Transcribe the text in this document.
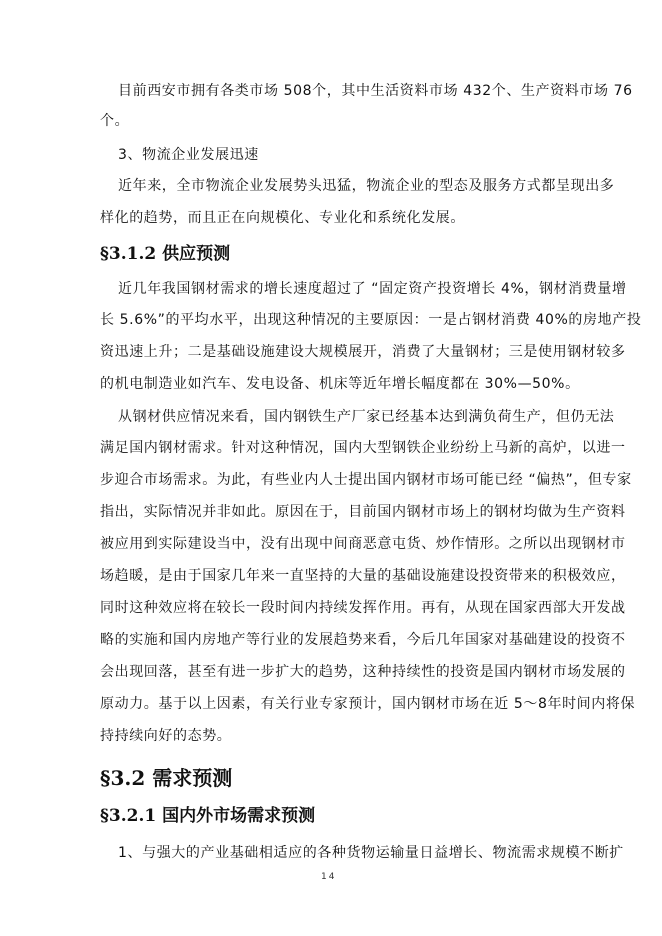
目前西安市拥有各类市场 508个，其中生活资料市场 432个、生产资料市场 76
个。
3、物流企业发展迅速
近年来，全市物流企业发展势头迅猛，物流企业的型态及服务方式都呈现出多
样化的趋势，而且正在向规模化、专业化和系统化发展。
§3.1.2 供应预测
近几年我国钢材需求的增长速度超过了 “固定资产投资增长 4%，钢材消费量增
长 5.6%”的平均水平，出现这种情况的主要原因：一是占钢材消费 40%的房地产投
资迅速上升；二是基础设施建设大规模展开，消费了大量钢材；三是使用钢材较多
的机电制造业如汽车、发电设备、机床等近年增长幅度都在 30%—50%。
从钢材供应情况来看，国内钢铁生产厂家已经基本达到满负荷生产，但仍无法
满足国内钢材需求。针对这种情况，国内大型钢铁企业纷纷上马新的高炉，以进一
步迎合市场需求。为此，有些业内人士提出国内钢材市场可能已经 “偏热”，但专家
指出，实际情况并非如此。原因在于，目前国内钢材市场上的钢材均做为生产资料
被应用到实际建设当中，没有出现中间商恶意屯货、炒作情形。之所以出现钢材市
场趋暖，是由于国家几年来一直坚持的大量的基础设施建设投资带来的积极效应，
同时这种效应将在较长一段时间内持续发挥作用。再有，从现在国家西部大开发战
略的实施和国内房地产等行业的发展趋势来看，今后几年国家对基础建设的投资不
会出现回落，甚至有进一步扩大的趋势，这种持续性的投资是国内钢材市场发展的
原动力。基于以上因素，有关行业专家预计，国内钢材市场在近 5～8年时间内将保
持持续向好的态势。
§3.2 需求预测
§3.2.1 国内外市场需求预测
1、与强大的产业基础相适应的各种货物运输量日益增长、物流需求规模不断扩
14
